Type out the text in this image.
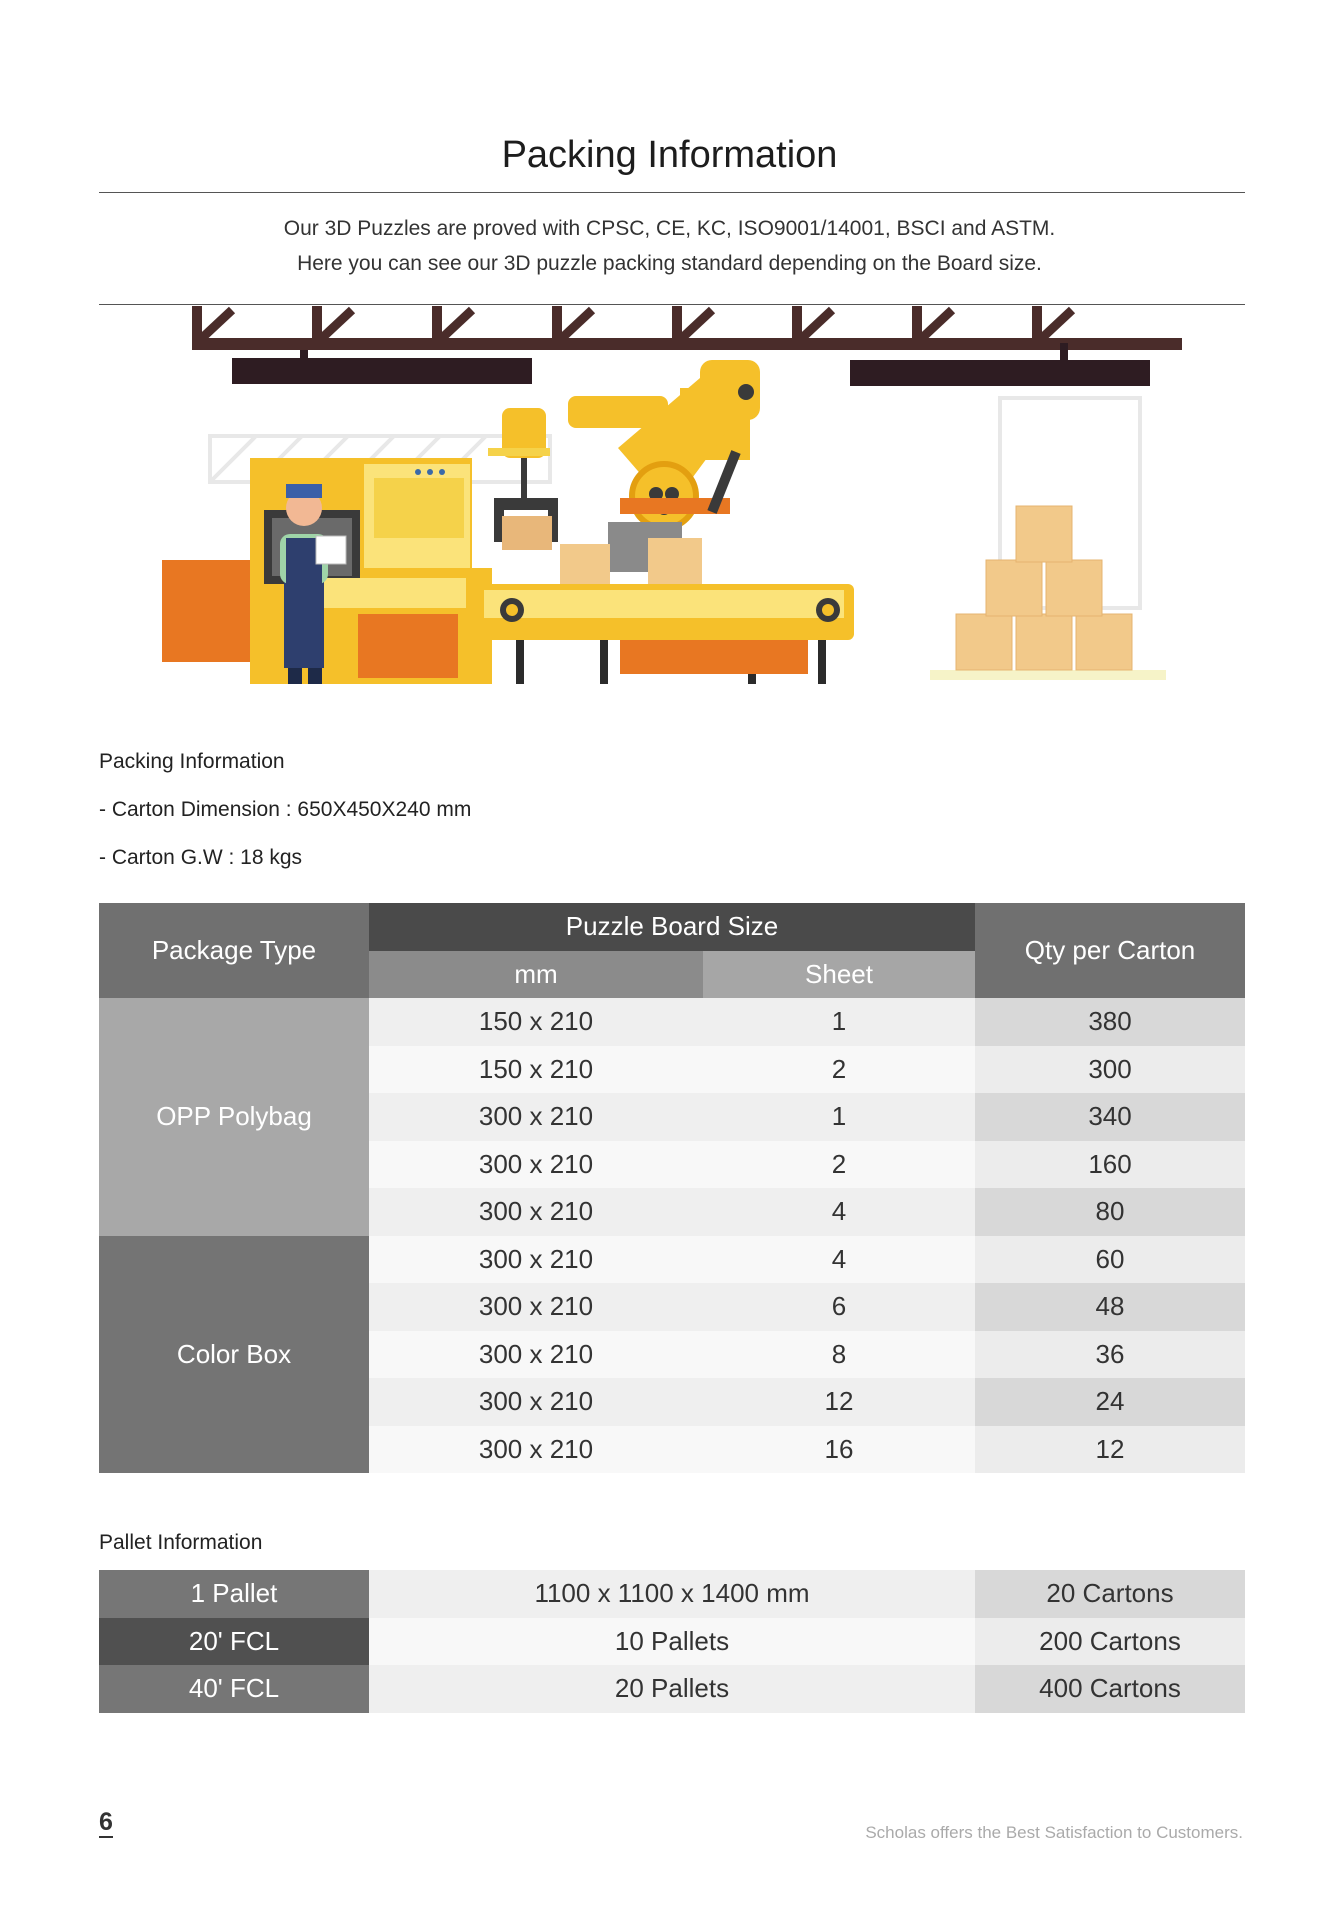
Packing Information
Our 3D Puzzles are proved with CPSC, CE, KC, ISO9001/14001, BSCI and ASTM.
Here you can see our 3D puzzle packing standard depending on the Board size.
Packing Information
- Carton Dimension : 650X450X240 mm
- Carton G.W : 18 kgs
Package Type	Puzzle Board Size		Qty per Carton
	mm	Sheet	
OPP Polybag	150 x 210	1	380
	150 x 210	2	300
	300 x 210	1	340
	300 x 210	2	160
	300 x 210	4	80
Color Box	300 x 210	4	60
	300 x 210	6	48
	300 x 210	8	36
	300 x 210	12	24
	300 x 210	16	12
Pallet Information
1 Pallet	1100 x 1100 x 1400 mm	20 Cartons
20' FCL	10 Pallets	200 Cartons
40' FCL	20 Pallets	400 Cartons
6	Scholas offers the Best Satisfaction to Customers.
